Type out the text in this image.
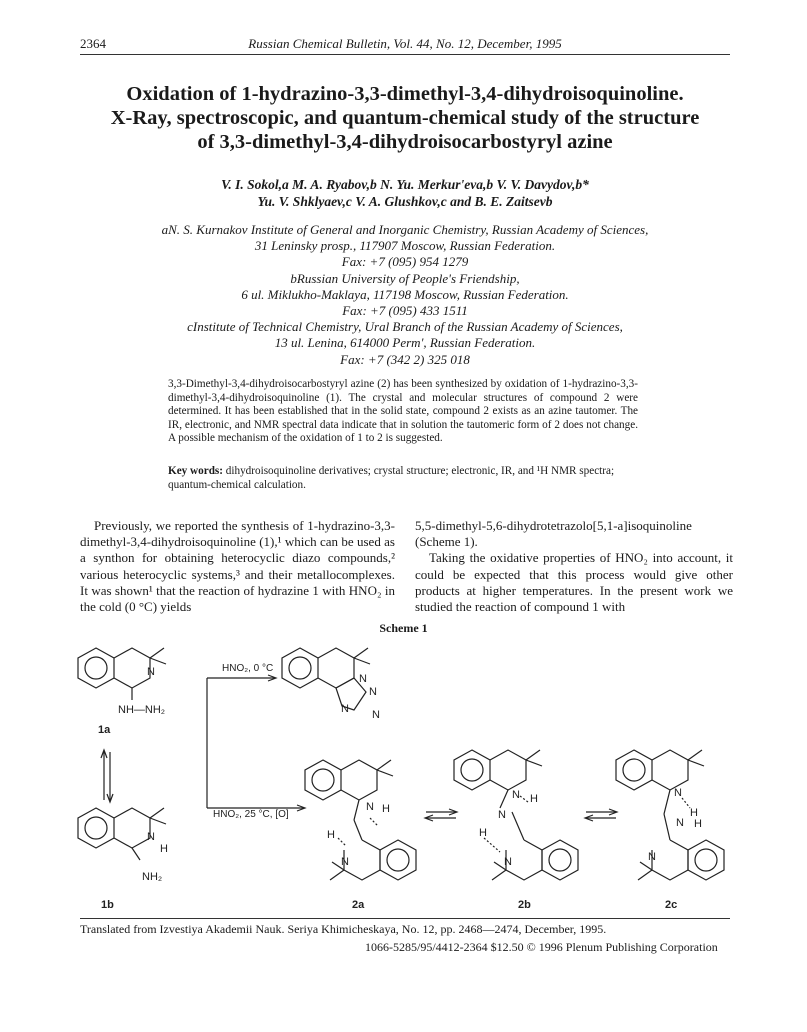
2364	Russian Chemical Bulletin, Vol. 44, No. 12, December, 1995
Oxidation of 1-hydrazino-3,3-dimethyl-3,4-dihydroisoquinoline.
X-Ray, spectroscopic, and quantum-chemical study of the structure
of 3,3-dimethyl-3,4-dihydroisocarbostyryl azine
V. I. Sokol,a M. A. Ryabov,b N. Yu. Merkur'eva,b V. V. Davydov,b*
Yu. V. Shklyaev,c V. A. Glushkov,c and B. E. Zaitsevb
aN. S. Kurnakov Institute of General and Inorganic Chemistry, Russian Academy of Sciences,
31 Leninsky prosp., 117907 Moscow, Russian Federation.
Fax: +7 (095) 954 1279
bRussian University of People's Friendship,
6 ul. Miklukho-Maklaya, 117198 Moscow, Russian Federation.
Fax: +7 (095) 433 1511
cInstitute of Technical Chemistry, Ural Branch of the Russian Academy of Sciences,
13 ul. Lenina, 614000 Perm', Russian Federation.
Fax: +7 (342 2) 325 018
3,3-Dimethyl-3,4-dihydroisocarbostyryl azine (2) has been synthesized by oxidation of 1-hydrazino-3,3-dimethyl-3,4-dihydroisoquinoline (1). The crystal and molecular structures of compound 2 were determined. It has been established that in the solid state, compound 2 exists as an azine tautomer. The IR, electronic, and NMR spectral data indicate that in solution the tautomeric form of 2 does not change. A possible mechanism of the oxidation of 1 to 2 is suggested.
Key words: dihydroisoquinoline derivatives; crystal structure; electronic, IR, and ¹H NMR spectra; quantum-chemical calculation.

Previously, we reported the synthesis of 1-hydrazino-3,3-dimethyl-3,4-dihydroisoquinoline (1),¹ which can be used as a synthon for obtaining heterocyclic diazo compounds,² various heterocyclic systems,³ and their metallocomplexes. It was shown¹ that the reaction of hydrazine 1 with HNO₂ in the cold (0 °C) yields

5,5-dimethyl-5,6-dihydrotetrazolo[5,1-a]isoquinoline (Scheme 1).

Taking the oxidative properties of HNO₂ into account, it could be expected that this process would give other products at higher temperatures. In the present work we studied the reaction of compound 1 with

Scheme 1
N
NH—NH₂
1a
N
H
NH₂
HNO₂, 0 °C
HNO₂, 25 °C, [O]
N
N
N N
N H
H
N
2a
N H
N
H
N
2b
N
H
N H
N
2c
1b
Translated from Izvestiya Akademii Nauk. Seriya Khimicheskaya, No. 12, pp. 2468—2474, December, 1995.
1066-5285/95/4412-2364 $12.50 © 1996 Plenum Publishing Corporation
